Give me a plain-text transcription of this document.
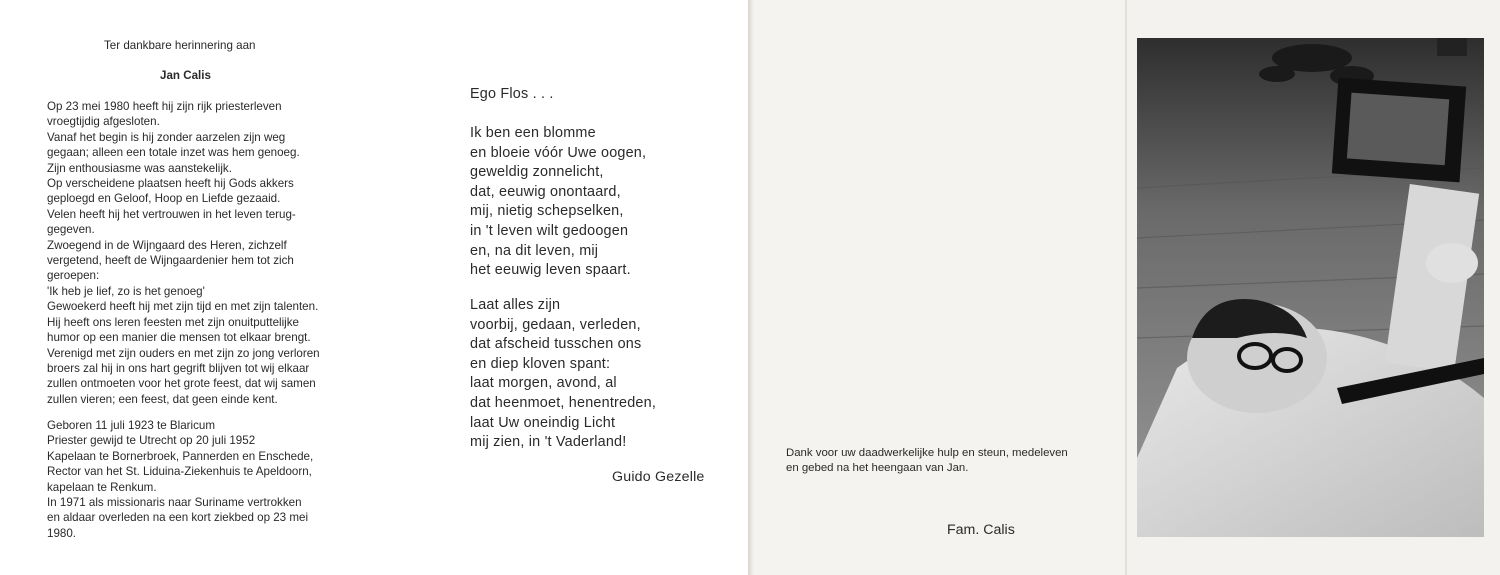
Ter dankbare herinnering aan
Jan Calis

Op 23 mei 1980 heeft hij zijn rijk priesterleven
vroegtijdig afgesloten.
Vanaf het begin is hij zonder aarzelen zijn weg
gegaan; alleen een totale inzet was hem genoeg.
Zijn enthousiasme was aanstekelijk.
Op verscheidene plaatsen heeft hij Gods akkers
geploegd en Geloof, Hoop en Liefde gezaaid.
Velen heeft hij het vertrouwen in het leven terug-
gegeven.
Zwoegend in de Wijngaard des Heren, zichzelf
vergetend, heeft de Wijngaardenier hem tot zich
geroepen:
'Ik heb je lief, zo is het genoeg'
Gewoekerd heeft hij met zijn tijd en met zijn talenten.
Hij heeft ons leren feesten met zijn onuitputtelijke
humor op een manier die mensen tot elkaar brengt.
Verenigd met zijn ouders en met zijn zo jong verloren
broers zal hij in ons hart gegrift blijven tot wij elkaar
zullen ontmoeten voor het grote feest, dat wij samen
zullen vieren; een feest, dat geen einde kent.

Geboren 11 juli 1923 te Blaricum
Priester gewijd te Utrecht op 20 juli 1952
Kapelaan te Bornerbroek, Pannerden en Enschede,
Rector van het St. Liduina-Ziekenhuis te Apeldoorn,
kapelaan te Renkum.
In 1971 als missionaris naar Suriname vertrokken
en aldaar overleden na een kort ziekbed op 23 mei
1980.

Ego Flos . . .
Ik ben een blomme
en bloeie vóór Uwe oogen,
geweldig zonnelicht,
dat, eeuwig onontaard,
mij, nietig schepselken,
in 't leven wilt gedoogen
en, na dit leven, mij
het eeuwig leven spaart.
Laat alles zijn
voorbij, gedaan, verleden,
dat afscheid tusschen ons
en diep kloven spant:
laat morgen, avond, al
dat heenmoet, henentreden,
laat Uw oneindig Licht
mij zien, in 't Vaderland!
Guido Gezelle
Dank voor uw daadwerkelijke hulp en steun, medeleven
en gebed na het heengaan van Jan.
Fam. Calis
